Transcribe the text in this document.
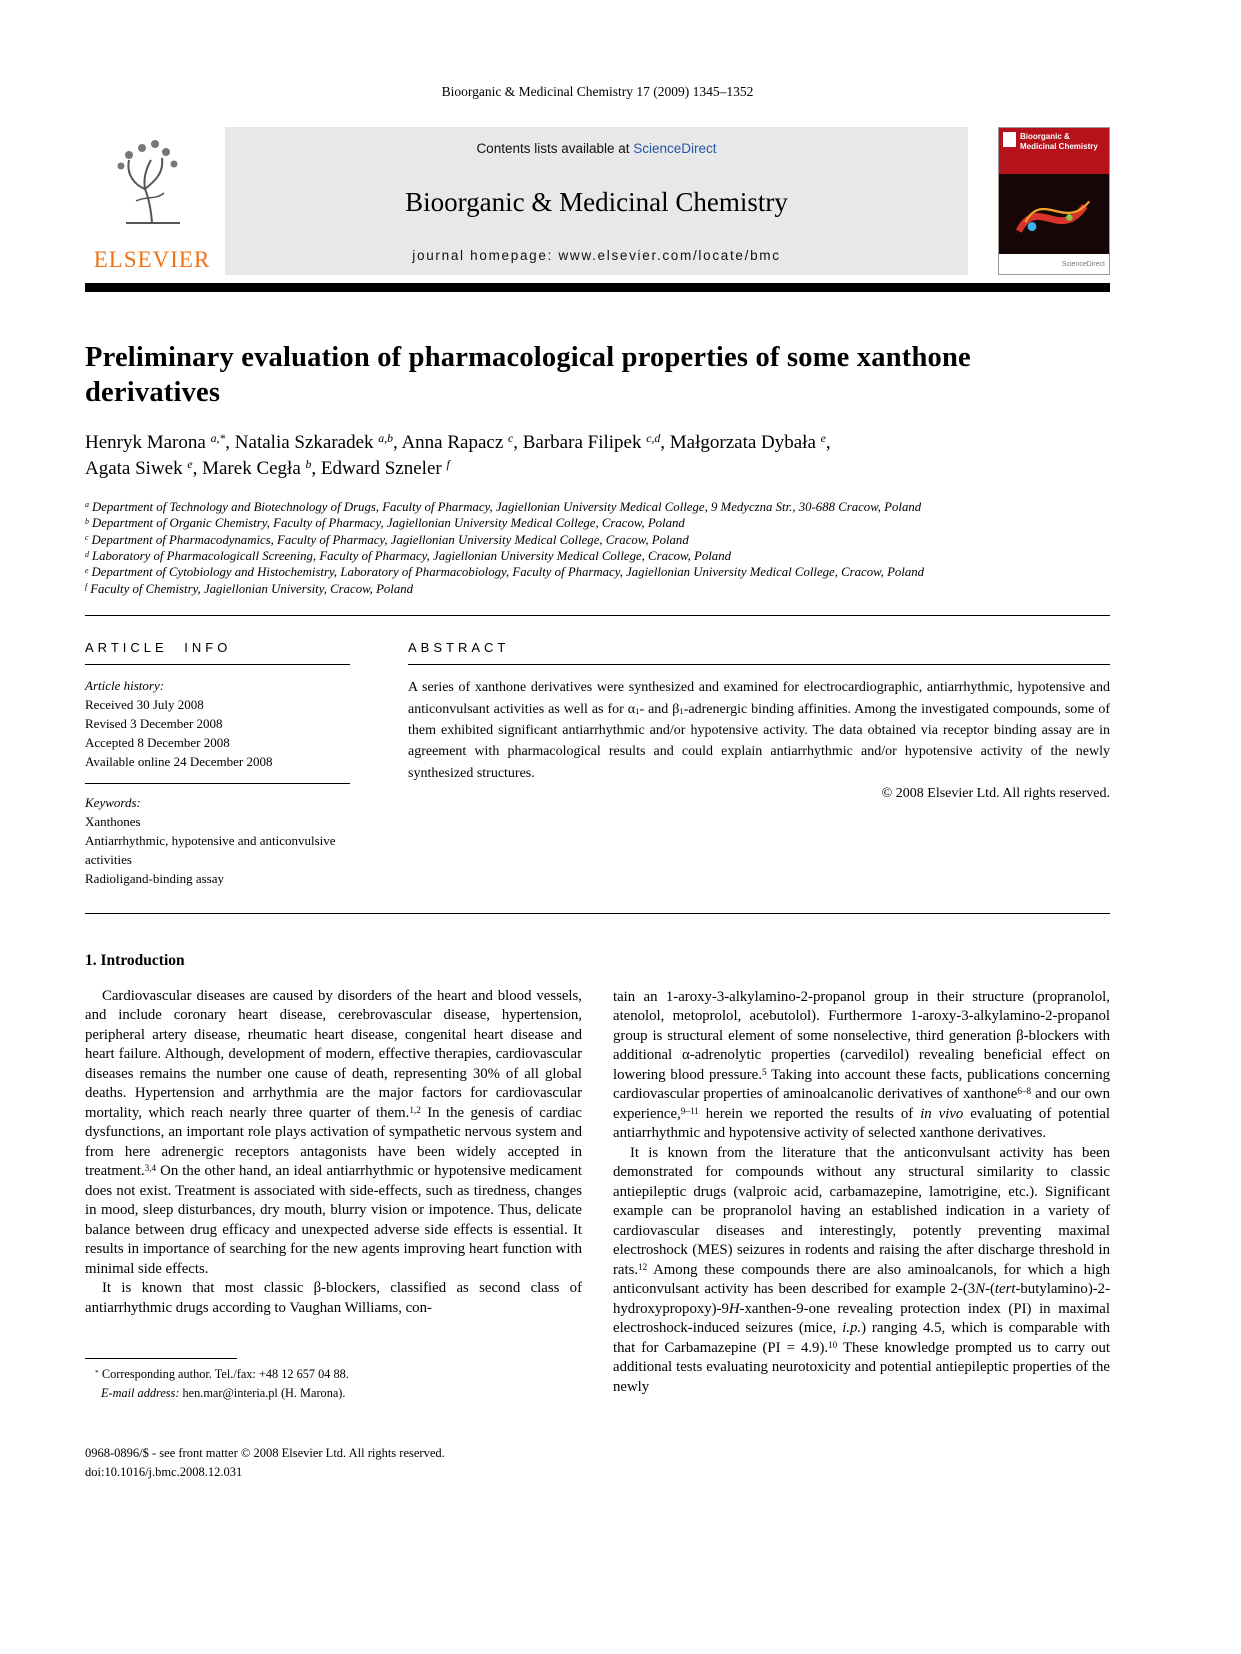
Bioorganic & Medicinal Chemistry 17 (2009) 1345–1352
ELSEVIER
Contents lists available at ScienceDirect
Bioorganic & Medicinal Chemistry
journal homepage: www.elsevier.com/locate/bmc
Bioorganic & Medicinal Chemistry
ScienceDirect
Preliminary evaluation of pharmacological properties of some xanthone derivatives
Henryk Marona $^{a,*}$, Natalia Szkaradek $^{a,b}$, Anna Rapacz $^c$, Barbara Filipek $^{c,d}$, Małgorzata Dybała $^e$,
Agata Siwek $^e$, Marek Cegła $^b$, Edward Szneler $^f$
$^a$ Department of Technology and Biotechnology of Drugs, Faculty of Pharmacy, Jagiellonian University Medical College, 9 Medyczna Str., 30-688 Cracow, Poland
$^b$ Department of Organic Chemistry, Faculty of Pharmacy, Jagiellonian University Medical College, Cracow, Poland
$^c$ Department of Pharmacodynamics, Faculty of Pharmacy, Jagiellonian University Medical College, Cracow, Poland
$^d$ Laboratory of Pharmacologicall Screening, Faculty of Pharmacy, Jagiellonian University Medical College, Cracow, Poland
$^e$ Department of Cytobiology and Histochemistry, Laboratory of Pharmacobiology, Faculty of Pharmacy, Jagiellonian University Medical College, Cracow, Poland
$^f$ Faculty of Chemistry, Jagiellonian University, Cracow, Poland
ARTICLE INFO
Article history:
Received 30 July 2008
Revised 3 December 2008
Accepted 8 December 2008
Available online 24 December 2008
Keywords:
Xanthones
Antiarrhythmic, hypotensive and anticonvulsive activities
Radioligand-binding assay
ABSTRACT

A series of xanthone derivatives were synthesized and examined for electrocardiographic, antiarrhythmic, hypotensive and anticonvulsant activities as well as for $\alpha_1-$ and $\beta_1$-adrenergic binding affinities. Among the investigated compounds, some of them exhibited significant antiarrhythmic and/or hypotensive activity. The data obtained via receptor binding assay are in agreement with pharmacological results and could explain antiarrhythmic and/or hypotensive activity of the newly synthesized structures.

© 2008 Elsevier Ltd. All rights reserved.
1. Introduction

Cardiovascular diseases are caused by disorders of the heart and blood vessels, and include coronary heart disease, cerebrovascular disease, hypertension, peripheral artery disease, rheumatic heart disease, congenital heart disease and heart failure. Although, development of modern, effective therapies, cardiovascular diseases remains the number one cause of death, representing 30% of all global deaths. Hypertension and arrhythmia are the major factors for cardiovascular mortality, which reach nearly three quarter of them.$^{1,2}$ In the genesis of cardiac dysfunctions, an important role plays activation of sympathetic nervous system and from here adrenergic receptors antagonists have been widely accepted in treatment.$^{3,4}$ On the other hand, an ideal antiarrhythmic or hypotensive medicament does not exist. Treatment is associated with side-effects, such as tiredness, changes in mood, sleep disturbances, dry mouth, blurry vision or impotence. Thus, delicate balance between drug efficacy and unexpected adverse side effects is essential. It results in importance of searching for the new agents improving heart function with minimal side effects.

It is known that most classic β-blockers, classified as second class of antiarrhythmic drugs according to Vaughan Williams, con-

* Corresponding author. Tel./fax: +48 12 657 04 88.
E-mail address: hen.mar@interia.pl (H. Marona).

tain an 1-aroxy-3-alkylamino-2-propanol group in their structure (propranolol, atenolol, metoprolol, acebutolol). Furthermore 1-aroxy-3-alkylamino-2-propanol group is structural element of some nonselective, third generation β-blockers with additional α-adrenolytic properties (carvedilol) revealing beneficial effect on lowering blood pressure.$^5$ Taking into account these facts, publications concerning cardiovascular properties of aminoalcanolic derivatives of xanthone$^{6-8}$ and our own experience,$^{9-11}$ herein we reported the results of in vivo evaluating of potential antiarrhythmic and hypotensive activity of selected xanthone derivatives.

It is known from the literature that the anticonvulsant activity has been demonstrated for compounds without any structural similarity to classic antiepileptic drugs (valproic acid, carbamazepine, lamotrigine, etc.). Significant example can be propranolol having an established indication in a variety of cardiovascular diseases and interestingly, potently preventing maximal electroshock (MES) seizures in rodents and raising the after discharge threshold in rats.$^{12}$ Among these compounds there are also aminoalcanols, for which a high anticonvulsant activity has been described for example 2-(3N-(tert-butylamino)-2-hydroxypropoxy)-9H-xanthen-9-one revealing protection index (PI) in maximal electroshock-induced seizures (mice, i.p.) ranging 4.5, which is comparable with that for Carbamazepine (PI = 4.9).$^{10}$ These knowledge prompted us to carry out additional tests evaluating neurotoxicity and potential antiepileptic properties of the newly

0968-0896/$ - see front matter © 2008 Elsevier Ltd. All rights reserved.
doi:10.1016/j.bmc.2008.12.031
